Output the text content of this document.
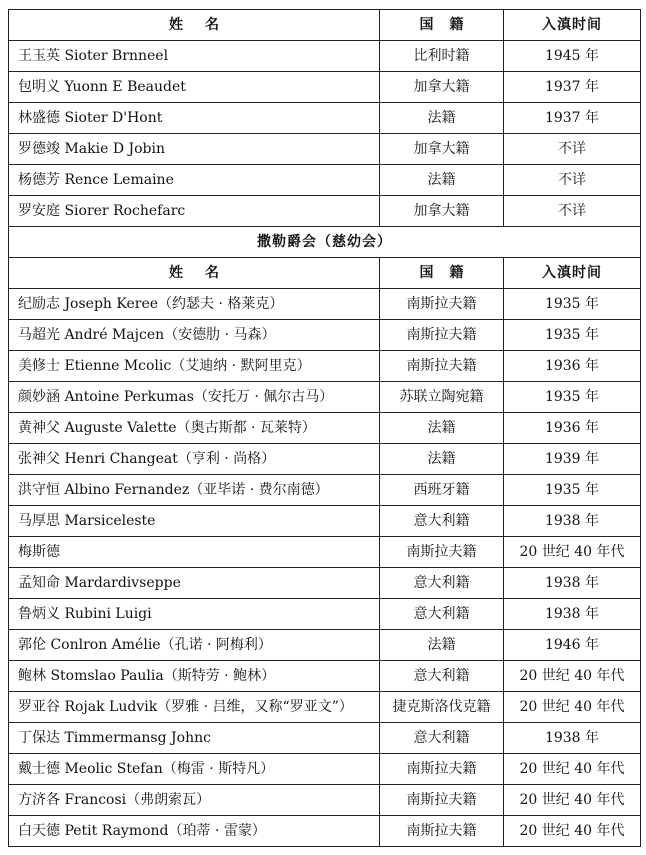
姓名	国籍	入滇时间
王玉英 Sioter Brnneel	比利时籍	1945 年
包明义 Yuonn E Beaudet	加拿大籍	1937 年
林盛德 Sioter D'Hont	法籍	1937 年
罗德竣 Makie D Jobin	加拿大籍	不详
杨德芳 Rence Lemaine	法籍	不详
罗安庭 Siorer Rochefarc	加拿大籍	不详
撒勒爵会（慈幼会）		
姓名	国籍	入滇时间
纪励志 Joseph Keree（约瑟夫 · 格莱克）	南斯拉夫籍	1935 年
马超光 André Majcen（安德肋 · 马森）	南斯拉夫籍	1935 年
美修士 Etienne Mcolic（艾迪纳 · 默阿里克）	南斯拉夫籍	1936 年
颜妙涵 Antoine Perkumas（安托万 · 佩尔古马）	苏联立陶宛籍	1935 年
黄神父 Auguste Valette（奥古斯都 · 瓦莱特）	法籍	1936 年
张神父 Henri Changeat（亨利 · 尚格）	法籍	1939 年
洪守恒 Albino Fernandez（亚毕诺 · 费尔南德）	西班牙籍	1935 年
马厚思 Marsiceleste	意大利籍	1938 年
梅斯德	南斯拉夫籍	20 世纪 40 年代
孟知命 Mardardivseppe	意大利籍	1938 年
鲁炳义 Rubini Luigi	意大利籍	1938 年
郭伦 Conlron Amélie（孔诺 · 阿梅利）	法籍	1946 年
鲍林 Stomslao Paulia（斯特劳 · 鲍林）	意大利籍	20 世纪 40 年代
罗亚谷 Rojak Ludvik（罗雅 · 吕维，又称“罗亚文”）	捷克斯洛伐克籍	20 世纪 40 年代
丁保达 Timmermansg Johnc	意大利籍	1938 年
戴士德 Meolic Stefan（梅雷 · 斯特凡）	南斯拉夫籍	20 世纪 40 年代
方济各 Francosi（弗朗索瓦）	南斯拉夫籍	20 世纪 40 年代
白天德 Petit Raymond（珀蒂 · 雷蒙）	南斯拉夫籍	20 世纪 40 年代
